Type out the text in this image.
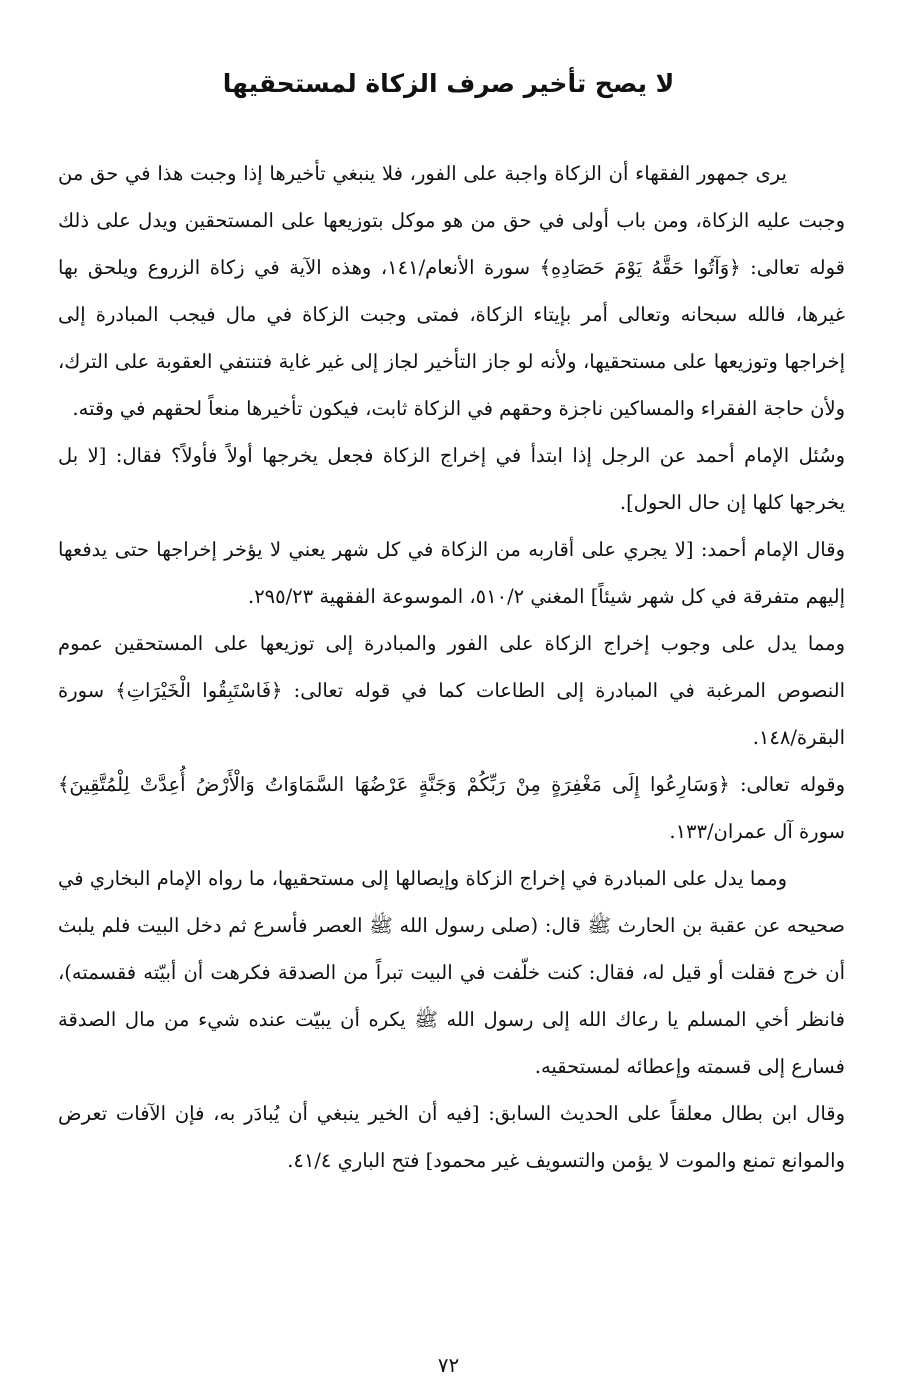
لا يصح تأخير صرف الزكاة لمستحقيها

يرى جمهور الفقهاء أن الزكاة واجبة على الفور، فلا ينبغي تأخيرها إذا وجبت هذا في حق من وجبت عليه الزكاة، ومن باب أولى في حق من هو موكل بتوزيعها على المستحقين ويدل على ذلك قوله تعالى: ﴿وَآتُوا حَقَّهُ يَوْمَ حَصَادِهِ﴾ سورة الأنعام/١٤١، وهذه الآية في زكاة الزروع ويلحق بها غيرها، فالله سبحانه وتعالى أمر بإيتاء الزكاة، فمتى وجبت الزكاة في مال فيجب المبادرة إلى إخراجها وتوزيعها على مستحقيها، ولأنه لو جاز التأخير لجاز إلى غير غاية فتنتفي العقوبة على الترك، ولأن حاجة الفقراء والمساكين ناجزة وحقهم في الزكاة ثابت، فيكون تأخيرها منعاً لحقهم في وقته.

وسُئل الإمام أحمد عن الرجل إذا ابتدأ في إخراج الزكاة فجعل يخرجها أولاً فأولاً؟ فقال: [لا بل يخرجها كلها إن حال الحول].

وقال الإمام أحمد: [لا يجري على أقاربه من الزكاة في كل شهر يعني لا يؤخر إخراجها حتى يدفعها إليهم متفرقة في كل شهر شيئاً] المغني ٥١٠/٢، الموسوعة الفقهية ٢٩٥/٢٣.

ومما يدل على وجوب إخراج الزكاة على الفور والمبادرة إلى توزيعها على المستحقين عموم النصوص المرغبة في المبادرة إلى الطاعات كما في قوله تعالى: ﴿فَاسْتَبِقُوا الْخَيْرَاتِ﴾ سورة البقرة/١٤٨.

وقوله تعالى: ﴿وَسَارِعُوا إِلَى مَغْفِرَةٍ مِنْ رَبِّكُمْ وَجَنَّةٍ عَرْضُهَا السَّمَاوَاتُ وَالْأَرْضُ أُعِدَّتْ لِلْمُتَّقِينَ﴾ سورة آل عمران/١٣٣.

ومما يدل على المبادرة في إخراج الزكاة وإيصالها إلى مستحقيها، ما رواه الإمام البخاري في صحيحه عن عقبة بن الحارث ﷺ قال: (صلى رسول الله ﷺ العصر فأسرع ثم دخل البيت فلم يلبث أن خرج فقلت أو قيل له، فقال: كنت خلّفت في البيت تبراً من الصدقة فكرهت أن أبيّته فقسمته)، فانظر أخي المسلم يا رعاك الله إلى رسول الله ﷺ يكره أن يبيّت عنده شيء من مال الصدقة فسارع إلى قسمته وإعطائه لمستحقيه.

وقال ابن بطال معلقاً على الحديث السابق: [فيه أن الخير ينبغي أن يُبادَر به، فإن الآفات تعرض والموانع تمنع والموت لا يؤمن والتسويف غير محمود] فتح الباري ٤١/٤.

٧٢
